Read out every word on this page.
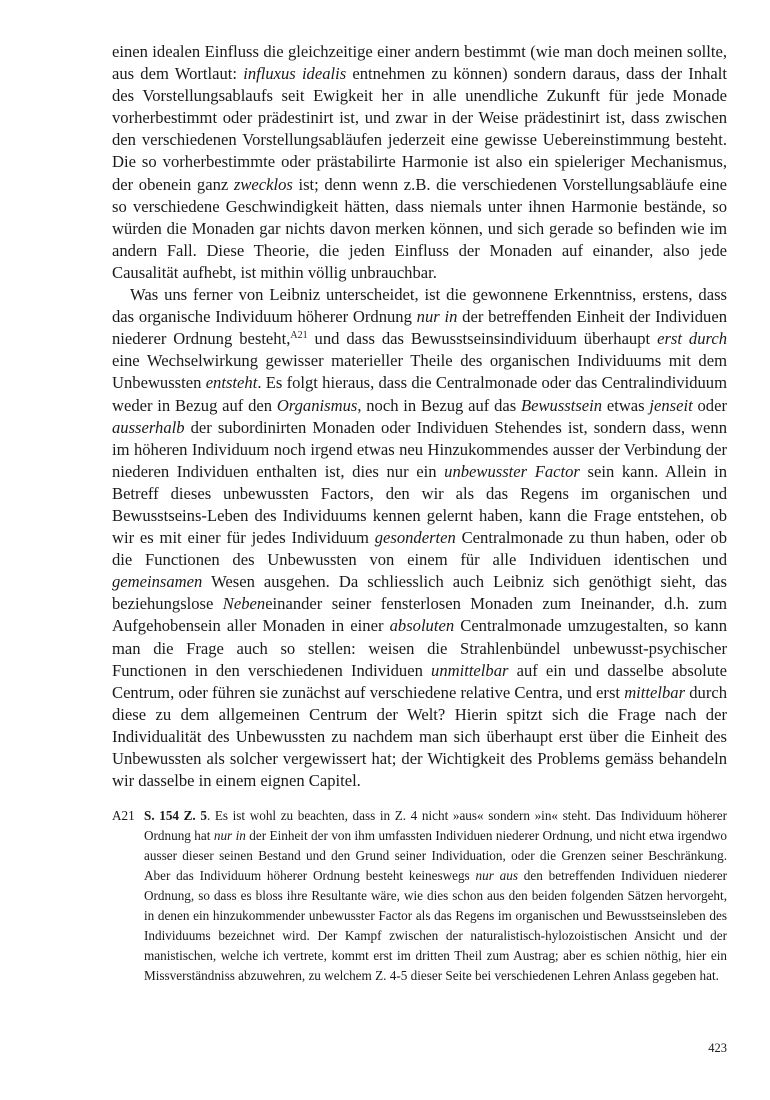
einen idealen Einfluss die gleichzeitige einer andern bestimmt (wie man doch meinen sollte, aus dem Wortlaut: influxus idealis entnehmen zu können) sondern daraus, dass der Inhalt des Vorstellungsablaufs seit Ewigkeit her in alle unendliche Zukunft für jede Monade vorherbestimmt oder prädestinirt ist, und zwar in der Weise prädestinirt ist, dass zwischen den verschiedenen Vorstellungsabläufen jederzeit eine gewisse Uebereinstimmung besteht. Die so vorherbestimmte oder prästabilirte Harmonie ist also ein spieleriger Mechanismus, der obenein ganz zwecklos ist; denn wenn z.B. die verschiedenen Vorstellungsabläufe eine so verschiedene Geschwindigkeit hätten, dass niemals unter ihnen Harmonie bestände, so würden die Monaden gar nichts davon merken können, und sich gerade so befinden wie im andern Fall. Diese Theorie, die jeden Einfluss der Monaden auf einander, also jede Causalität aufhebt, ist mithin völlig unbrauchbar.

Was uns ferner von Leibniz unterscheidet, ist die gewonnene Erkenntniss, erstens, dass das organische Individuum höherer Ordnung nur in der betreffenden Einheit der Individuen niederer Ordnung besteht,$^{A21}$ und dass das Bewusstseinsindividuum überhaupt erst durch eine Wechselwirkung gewisser materieller Theile des organischen Individuums mit dem Unbewussten entsteht. Es folgt hieraus, dass die Centralmonade oder das Centralindividuum weder in Bezug auf den Organismus, noch in Bezug auf das Bewusstsein etwas jenseit oder ausserhalb der subordinirten Monaden oder Individuen Stehendes ist, sondern dass, wenn im höheren Individuum noch irgend etwas neu Hinzukommendes ausser der Verbindung der niederen Individuen enthalten ist, dies nur ein unbewusster Factor sein kann. Allein in Betreff dieses unbewussten Factors, den wir als das Regens im organischen und Bewusstseins-Leben des Individuums kennen gelernt haben, kann die Frage entstehen, ob wir es mit einer für jedes Individuum gesonderten Centralmonade zu thun haben, oder ob die Functionen des Unbewussten von einem für alle Individuen identischen und gemeinsamen Wesen ausgehen. Da schliesslich auch Leibniz sich genöthigt sieht, das beziehungslose Nebeneinander seiner fensterlosen Monaden zum Ineinander, d.h. zum Aufgehobensein aller Monaden in einer absoluten Centralmonade umzugestalten, so kann man die Frage auch so stellen: weisen die Strahlenbündel unbewusst-psychischer Functionen in den verschiedenen Individuen unmittelbar auf ein und dasselbe absolute Centrum, oder führen sie zunächst auf verschiedene relative Centra, und erst mittelbar durch diese zu dem allgemeinen Centrum der Welt? Hierin spitzt sich die Frage nach der Individualität des Unbewussten zu nachdem man sich überhaupt erst über die Einheit des Unbewussten als solcher vergewissert hat; der Wichtigkeit des Problems gemäss behandeln wir dasselbe in einem eignen Capitel.

A21 S. 154 Z. 5. Es ist wohl zu beachten, dass in Z. 4 nicht »aus« sondern »in« steht. Das Individuum höherer Ordnung hat nur in der Einheit der von ihm umfassten Individuen niederer Ordnung, und nicht etwa irgendwo ausser dieser seinen Bestand und den Grund seiner Individuation, oder die Grenzen seiner Beschränkung. Aber das Individuum höherer Ordnung besteht keineswegs nur aus den betreffenden Individuen niederer Ordnung, so dass es bloss ihre Resultante wäre, wie dies schon aus den beiden folgenden Sätzen hervorgeht, in denen ein hinzukommender unbewusster Factor als das Regens im organischen und Bewusstseinsleben des Individuums bezeichnet wird. Der Kampf zwischen der naturalistisch-hylozoistischen Ansicht und der manistischen, welche ich vertrete, kommt erst im dritten Theil zum Austrag; aber es schien nöthig, hier ein Missverständniss abzuwehren, zu welchem Z. 4-5 dieser Seite bei verschiedenen Lehren Anlass gegeben hat.
423
